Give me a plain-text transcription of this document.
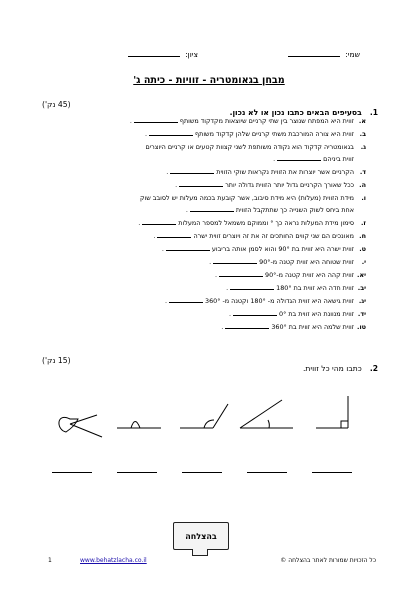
שמי:
ציון:
מבחן בגאומטריה - זוויות - כיתה ג'
1. בסעיפים הבאים כתבו נכון או לא נכון.
(45 נק')
א.זווית היא המפתח שנוצר בין שתי קרניים שיוצאות מקדקוד משותף.
ב.זווית היא צורה המורכבת משתי קרניים שלהן קדקוד משותף.
ג.בגאומטריה קדקוד הוא נקודה משותפת לשני קצוות קטעים או קרניים היוצרים
זווית ביניהם.
ד.הקרניים אשר יוצרות את הזווית נקראות שוקי הזווית.
ה.ככל שאורך הקרניים גדול יותר הזווית גדולה יותר.
ו.מידת הזווית (מעלות) היא מידת סיבוב, אשר קובעת בכמה מעלות יש לסובב שוק
אחת ביחס לשוק השנייה כך שתתקבל הזווית.
ז.סימון מידת המעלות נראה כך ° וממוקם משמאל למספר המעלות.
ח.מאונכים הם שני קווים החותכים זה את זה ויוצרים זווית ישרה.
ט.זווית ישרה היא זווית בת 90° והוא לסמן אותה בריבוע.
י.זווית שטוחה היא זווית קטנה מ-90°.
יא.זווית קהה היא זווית קטנה מ-90°.
יב.זווית חדה היא זווית בת 180°.
יג.זווית גישאה היא זווית הגדולה מ- 180° וקטנה מ- 360°.
יד.זווית מנוונת היא זווית בת 0°.
טו.זווית שלמה היא זווית בת 360°.
2. כתבו מהי כל זווית.
(15 נק')
בהצלחה
1	www.behatzlacha.co.il	כל הזכויות שמורות לאתר בהצלחה ©
